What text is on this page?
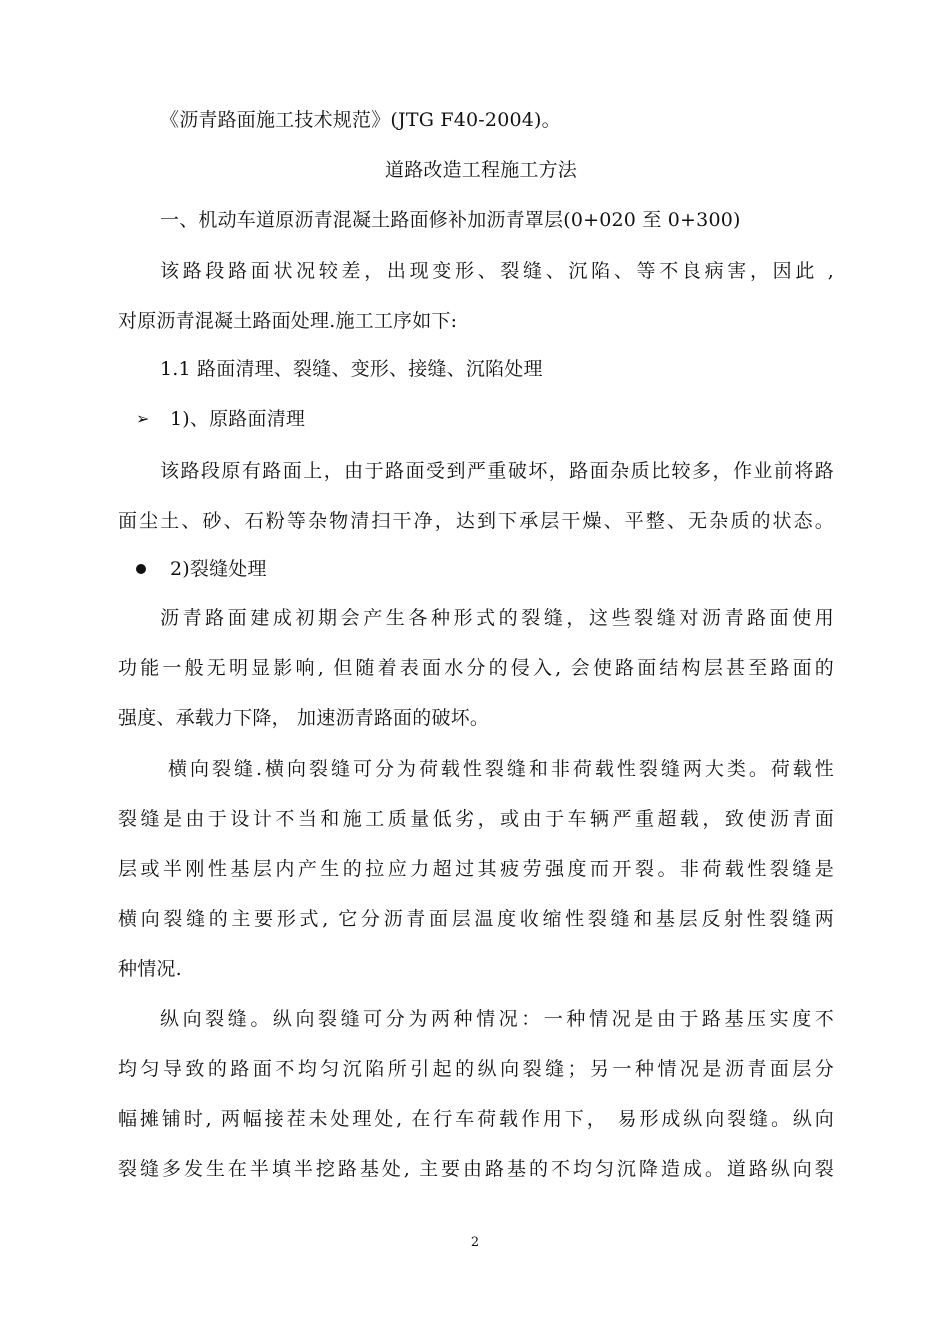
《沥青路面施工技术规范》(JTG F40-2004)。
道路改造工程施工方法
一、机动车道原沥青混凝土路面修补加沥青罩层(0+020 至 0+300)
该路段路面状况较差，出现变形、裂缝、沉陷、等不良病害，因此 ,
对原沥青混凝土路面处理.施工工序如下:
1.1 路面清理、裂缝、变形、接缝、沉陷处理
➢ 1)、原路面清理
该路段原有路面上，由于路面受到严重破坏，路面杂质比较多，作业前将路
面尘土、砂、石粉等杂物清扫干净，达到下承层干燥、平整、无杂质的状态。
2)裂缝处理
沥青路面建成初期会产生各种形式的裂缝，这些裂缝对沥青路面使用
功能一般无明显影响, 但随着表面水分的侵入, 会使路面结构层甚至路面的
强度、承载力下降， 加速沥青路面的破坏。
横向裂缝.横向裂缝可分为荷载性裂缝和非荷载性裂缝两大类。荷载性
裂缝是由于设计不当和施工质量低劣，或由于车辆严重超载，致使沥青面
层或半刚性基层内产生的拉应力超过其疲劳强度而开裂。非荷载性裂缝是
横向裂缝的主要形式, 它分沥青面层温度收缩性裂缝和基层反射性裂缝两
种情况.
纵向裂缝。纵向裂缝可分为两种情况：一种情况是由于路基压实度不
均匀导致的路面不均匀沉陷所引起的纵向裂缝；另一种情况是沥青面层分
幅摊铺时, 两幅接茬未处理处, 在行车荷载作用下， 易形成纵向裂缝。纵向
裂缝多发生在半填半挖路基处, 主要由路基的不均匀沉降造成。道路纵向裂
2
